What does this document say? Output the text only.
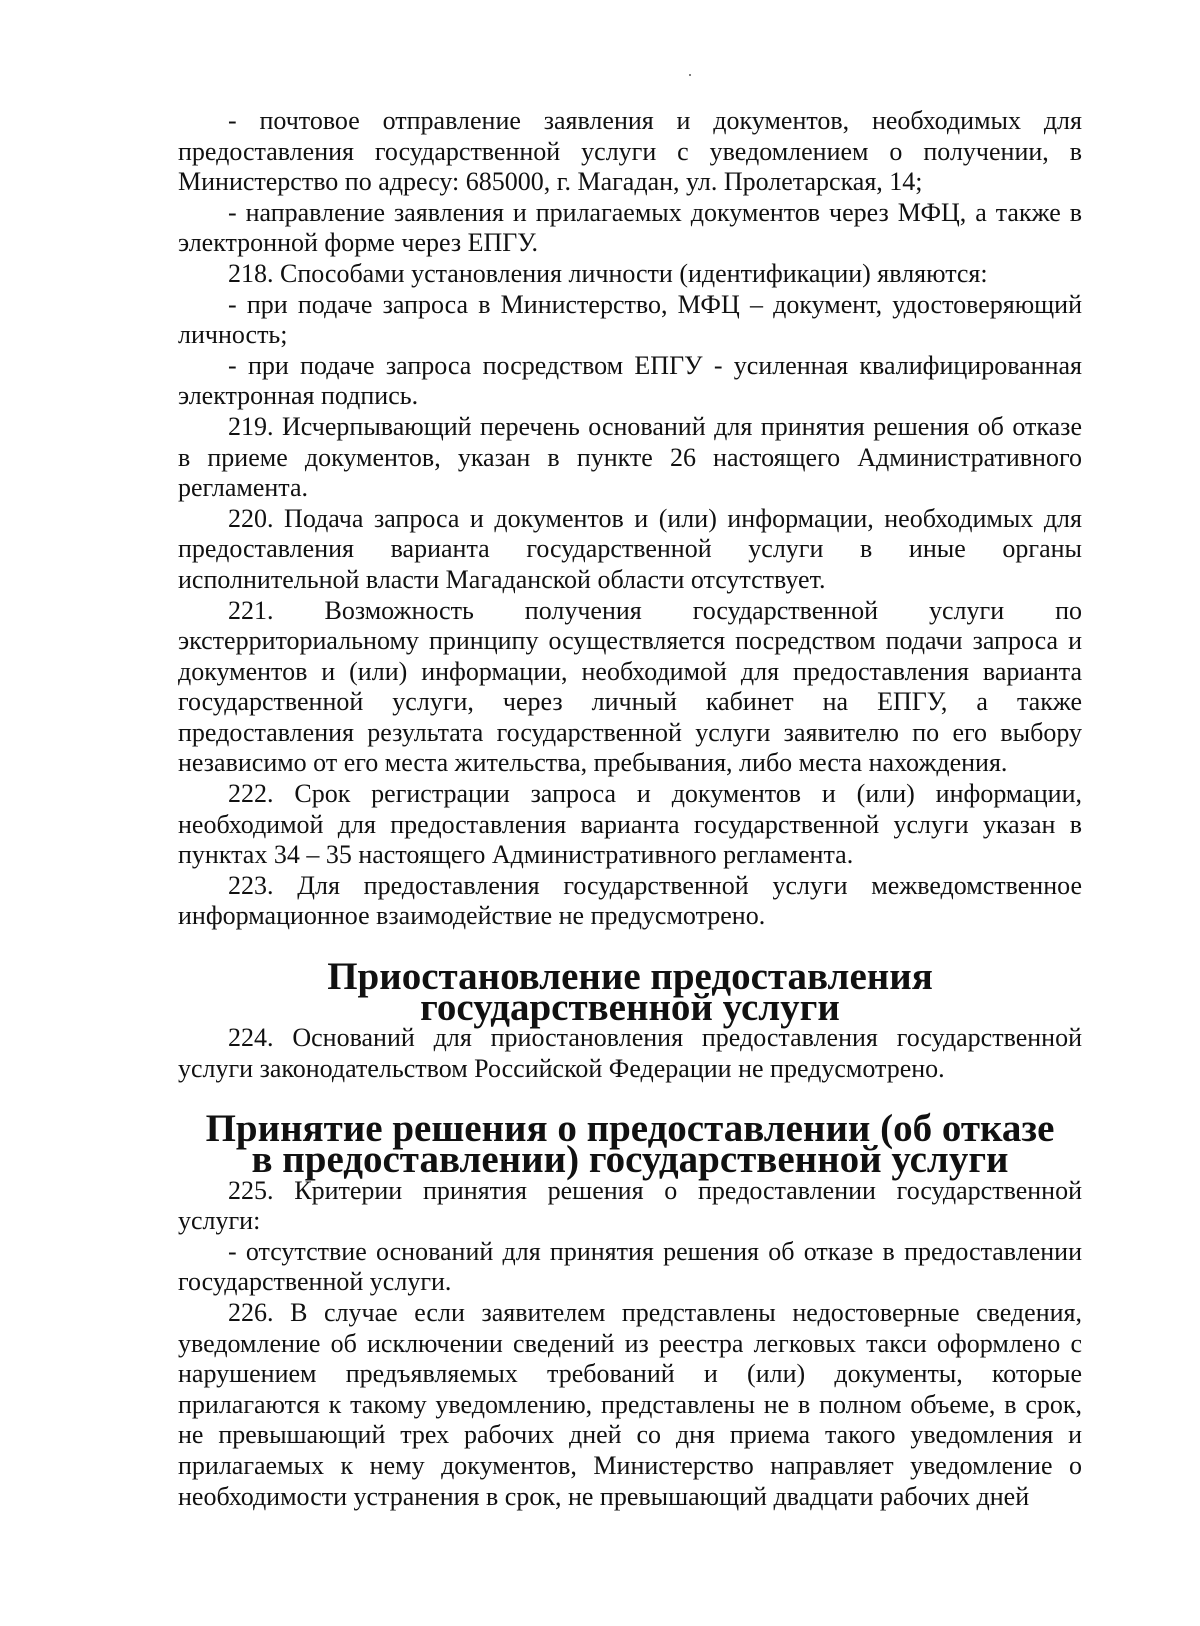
- почтовое отправление заявления и документов, необходимых для предоставления государственной услуги с уведомлением о получении, в Министерство по адресу: 685000, г. Магадан, ул. Пролетарская, 14;

- направление заявления и прилагаемых документов через МФЦ, а также в электронной форме через ЕПГУ.

218. Способами установления личности (идентификации) являются:

- при подаче запроса в Министерство, МФЦ – документ, удостоверяющий личность;

- при подаче запроса посредством ЕПГУ - усиленная квалифицированная электронная подпись.

219. Исчерпывающий перечень оснований для принятия решения об отказе в приеме документов, указан в пункте 26 настоящего Административного регламента.

220. Подача запроса и документов и (или) информации, необходимых для предоставления варианта государственной услуги в иные органы исполнительной власти Магаданской области отсутствует.

221. Возможность получения государственной услуги по экстерриториальному принципу осуществляется посредством подачи запроса и документов и (или) информации, необходимой для предоставления варианта государственной услуги, через личный кабинет на ЕПГУ, а также предоставления результата государственной услуги заявителю по его выбору независимо от его места жительства, пребывания, либо места нахождения.

222. Срок регистрации запроса и документов и (или) информации, необходимой для предоставления варианта государственной услуги указан в пунктах 34 – 35 настоящего Административного регламента.

223. Для предоставления государственной услуги межведомственное информационное взаимодействие не предусмотрено.

Приостановление предоставления государственной услуги

224. Оснований для приостановления предоставления государственной услуги законодательством Российской Федерации не предусмотрено.

Принятие решения о предоставлении (об отказе в предоставлении) государственной услуги

225. Критерии принятия решения о предоставлении государственной услуги:

- отсутствие оснований для принятия решения об отказе в предоставлении государственной услуги.

226. В случае если заявителем представлены недостоверные сведения, уведомление об исключении сведений из реестра легковых такси оформлено с нарушением предъявляемых требований и (или) документы, которые прилагаются к такому уведомлению, представлены не в полном объеме, в срок, не превышающий трех рабочих дней со дня приема такого уведомления и прилагаемых к нему документов, Министерство направляет уведомление о необходимости устранения в срок, не превышающий двадцати рабочих дней
